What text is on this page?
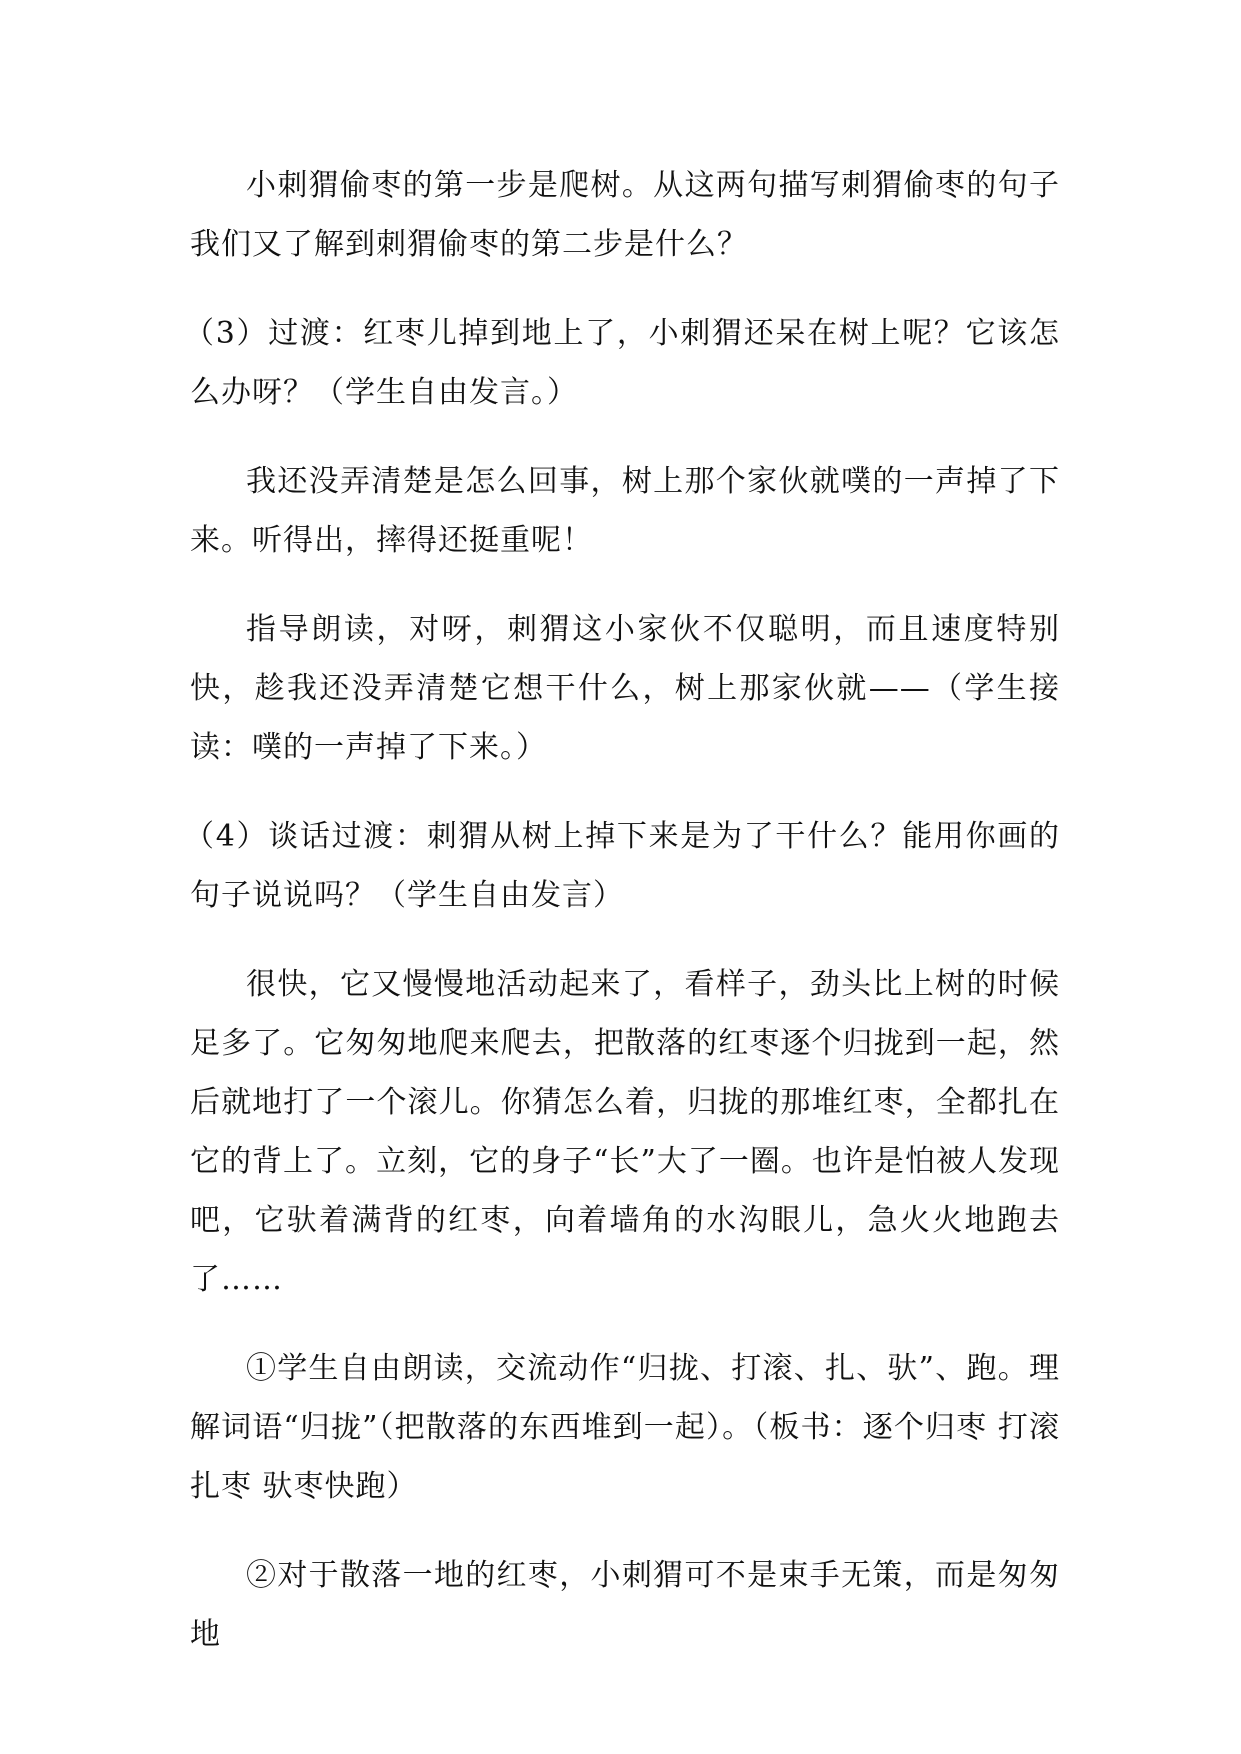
小刺猬偷枣的第一步是爬树。从这两句描写刺猬偷枣的句子我们又了解到刺猬偷枣的第二步是什么？

（3）过渡：红枣儿掉到地上了，小刺猬还呆在树上呢？它该怎么办呀？（学生自由发言。）

我还没弄清楚是怎么回事，树上那个家伙就噗的一声掉了下来。听得出，摔得还挺重呢！

指导朗读，对呀，刺猬这小家伙不仅聪明，而且速度特别快，趁我还没弄清楚它想干什么，树上那家伙就——（学生接读：噗的一声掉了下来。）

（4）谈话过渡：刺猬从树上掉下来是为了干什么？能用你画的句子说说吗？（学生自由发言）

很快，它又慢慢地活动起来了，看样子，劲头比上树的时候足多了。它匆匆地爬来爬去，把散落的红枣逐个归拢到一起，然后就地打了一个滚儿。你猜怎么着，归拢的那堆红枣，全都扎在它的背上了。立刻，它的身子“长”大了一圈。也许是怕被人发现吧，它驮着满背的红枣，向着墙角的水沟眼儿，急火火地跑去了……

①学生自由朗读，交流动作“归拢、打滚、扎、驮”、跑。理解词语“归拢”（把散落的东西堆到一起）。（板书：逐个归枣 打滚扎枣 驮枣快跑）

②对于散落一地的红枣，小刺猬可不是束手无策，而是匆匆地
